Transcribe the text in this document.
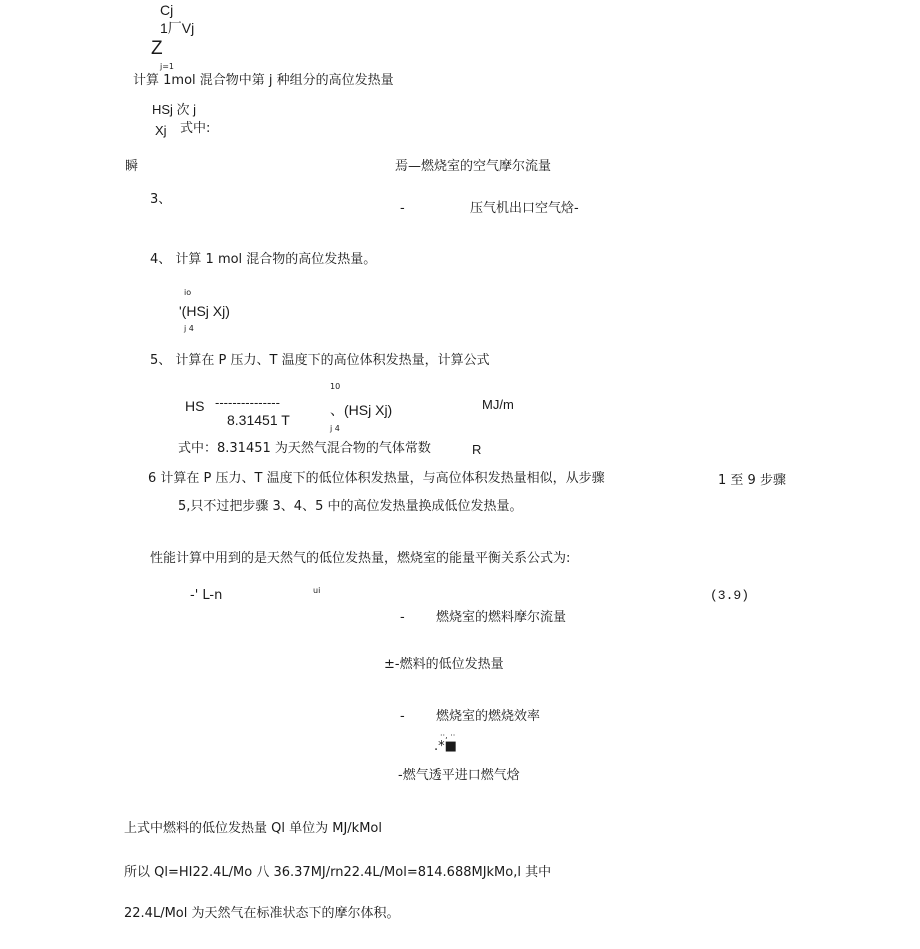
Cj
1厂Vj
Z
j=1
计算 1mol 混合物中第 j 种组分的高位发热量
HSj 次 j
Xj 式中:
瞬	焉—燃烧室的空气摩尔流量
3、
-	压气机出口空气焓-
4、 计算 1 mol 混合物的高位发热量。
io
'(HSj Xj)
j 4
5、 计算在 P 压力、T 温度下的高位体积发热量，计算公式
10
HS ---------------
8.31451 T
、(HSj Xj)
j 4
MJ/m
式中：8.31451 为天然气混合物的气体常数	R
6 计算在 P 压力、T 温度下的低位体积发热量，与高位体积发热量相似，从步骤	1 至 9 步骤
5,只不过把步骤 3、4、5 中的高位发热量换成低位发热量。
性能计算中用到的是天然气的低位发热量，燃烧室的能量平衡关系公式为:
-' L-n	ui	(3.9)
- 燃烧室的燃料摩尔流量
±-燃料的低位发热量
- 燃烧室的燃烧效率
··, ··
.*■
-燃气透平进口燃气焓
上式中燃料的低位发热量 Ql 单位为 MJ/kMol
所以 Ql=HI22.4L/Mo 八 36.37MJ/rn22.4L/Mol=814.688MJkMo,l 其中
22.4L/Mol 为天然气在标准状态下的摩尔体积。
